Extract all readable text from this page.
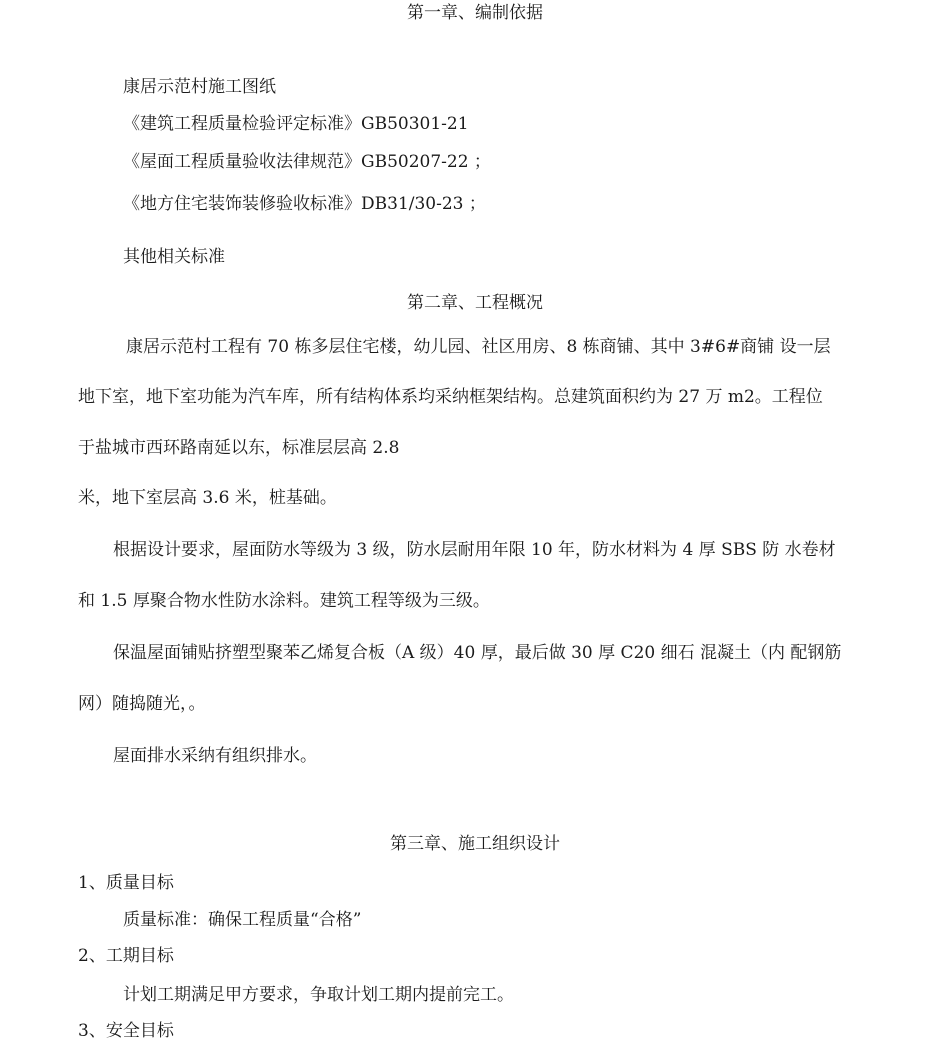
第一章、编制依据
康居示范村施工图纸
《建筑工程质量检验评定标准》GB50301-21
《屋面工程质量验收法律规范》GB50207-22 ；
《地方住宅装饰装修验收标准》DB31/30-23 ；
其他相关标准
第二章、工程概况
康居示范村工程有 70 栋多层住宅楼，幼儿园、社区用房、8 栋商铺、其中 3#6#商铺 设一层
地下室，地下室功能为汽车库，所有结构体系均采纳框架结构。总建筑面积约为 27 万 m2。工程位
于盐城市西环路南延以东，标准层层高 2.8
米，地下室层高 3.6 米，桩基础。
根据设计要求，屋面防水等级为 3 级，防水层耐用年限 10 年，防水材料为 4 厚 SBS 防 水卷材
和 1.5 厚聚合物水性防水涂料。建筑工程等级为三级。
保温屋面铺贴挤塑型聚苯乙烯复合板（A 级）40 厚，最后做 30 厚 C20 细石 混凝土（内 配钢筋
网）随捣随光，。
屋面排水采纳有组织排水。
第三章、施工组织设计
1、质量目标
质量标准：确保工程质量“合格”
2、工期目标
计划工期满足甲方要求，争取计划工期内提前完工。
3、安全目标
